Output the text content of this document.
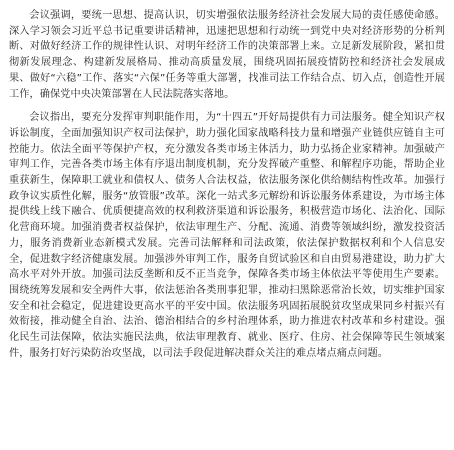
会议强调，要统一思想、提高认识，切实增强依法服务经济社会发展大局的责任感使命感。深入学习领会习近平总书记重要讲话精神，迅速把思想和行动统一到党中央对经济形势的分析判断、对做好经济工作的规律性认识、对明年经济工作的决策部署上来。立足新发展阶段，紧扣贯彻新发展理念、构建新发展格局、推动高质量发展，围绕巩固拓展疫情防控和经济社会发展成果、做好“六稳”工作、落实“六保”任务等重大部署，找准司法工作结合点、切入点，创造性开展工作，确保党中央决策部署在人民法院落实落地。

会议指出，要充分发挥审判职能作用，为“十四五”开好局提供有力司法服务。健全知识产权诉讼制度，全面加强知识产权司法保护，助力强化国家战略科技力量和增强产业链供应链自主可控能力。依法全面平等保护产权，充分激发各类市场主体活力，助力弘扬企业家精神。加强破产审判工作，完善各类市场主体有序退出制度机制，充分发挥破产重整、和解程序功能，帮助企业重获新生，保障职工就业和债权人、债务人合法权益，依法服务深化供给侧结构性改革。加强行政争议实质性化解，服务“放管服”改革。深化一站式多元解纷和诉讼服务体系建设，为市场主体提供线上线下融合、优质便捷高效的权利救济渠道和诉讼服务，积极营造市场化、法治化、国际化营商环境。加强消费者权益保护，依法审理生产、分配、流通、消费等领域纠纷，激发投资活力，服务消费新业态新模式发展。完善司法解释和司法政策，依法保护数据权利和个人信息安全，促进数字经济健康发展。加强涉外审判工作，服务自贸试验区和自由贸易港建设，助力扩大高水平对外开放。加强司法反垄断和反不正当竞争，保障各类市场主体依法平等使用生产要素。围绕统筹发展和安全两件大事，依法惩治各类刑事犯罪，推动扫黑除恶常治长效，切实维护国家安全和社会稳定，促进建设更高水平的平安中国。依法服务巩固拓展脱贫攻坚成果同乡村振兴有效衔接，推动健全自治、法治、德治相结合的乡村治理体系，助力推进农村改革和乡村建设。强化民生司法保障，依法实施民法典，依法审理教育、就业、医疗、住房、社会保障等民生领域案件，服务打好污染防治攻坚战，以司法手段促进解决群众关注的难点堵点痛点问题。
